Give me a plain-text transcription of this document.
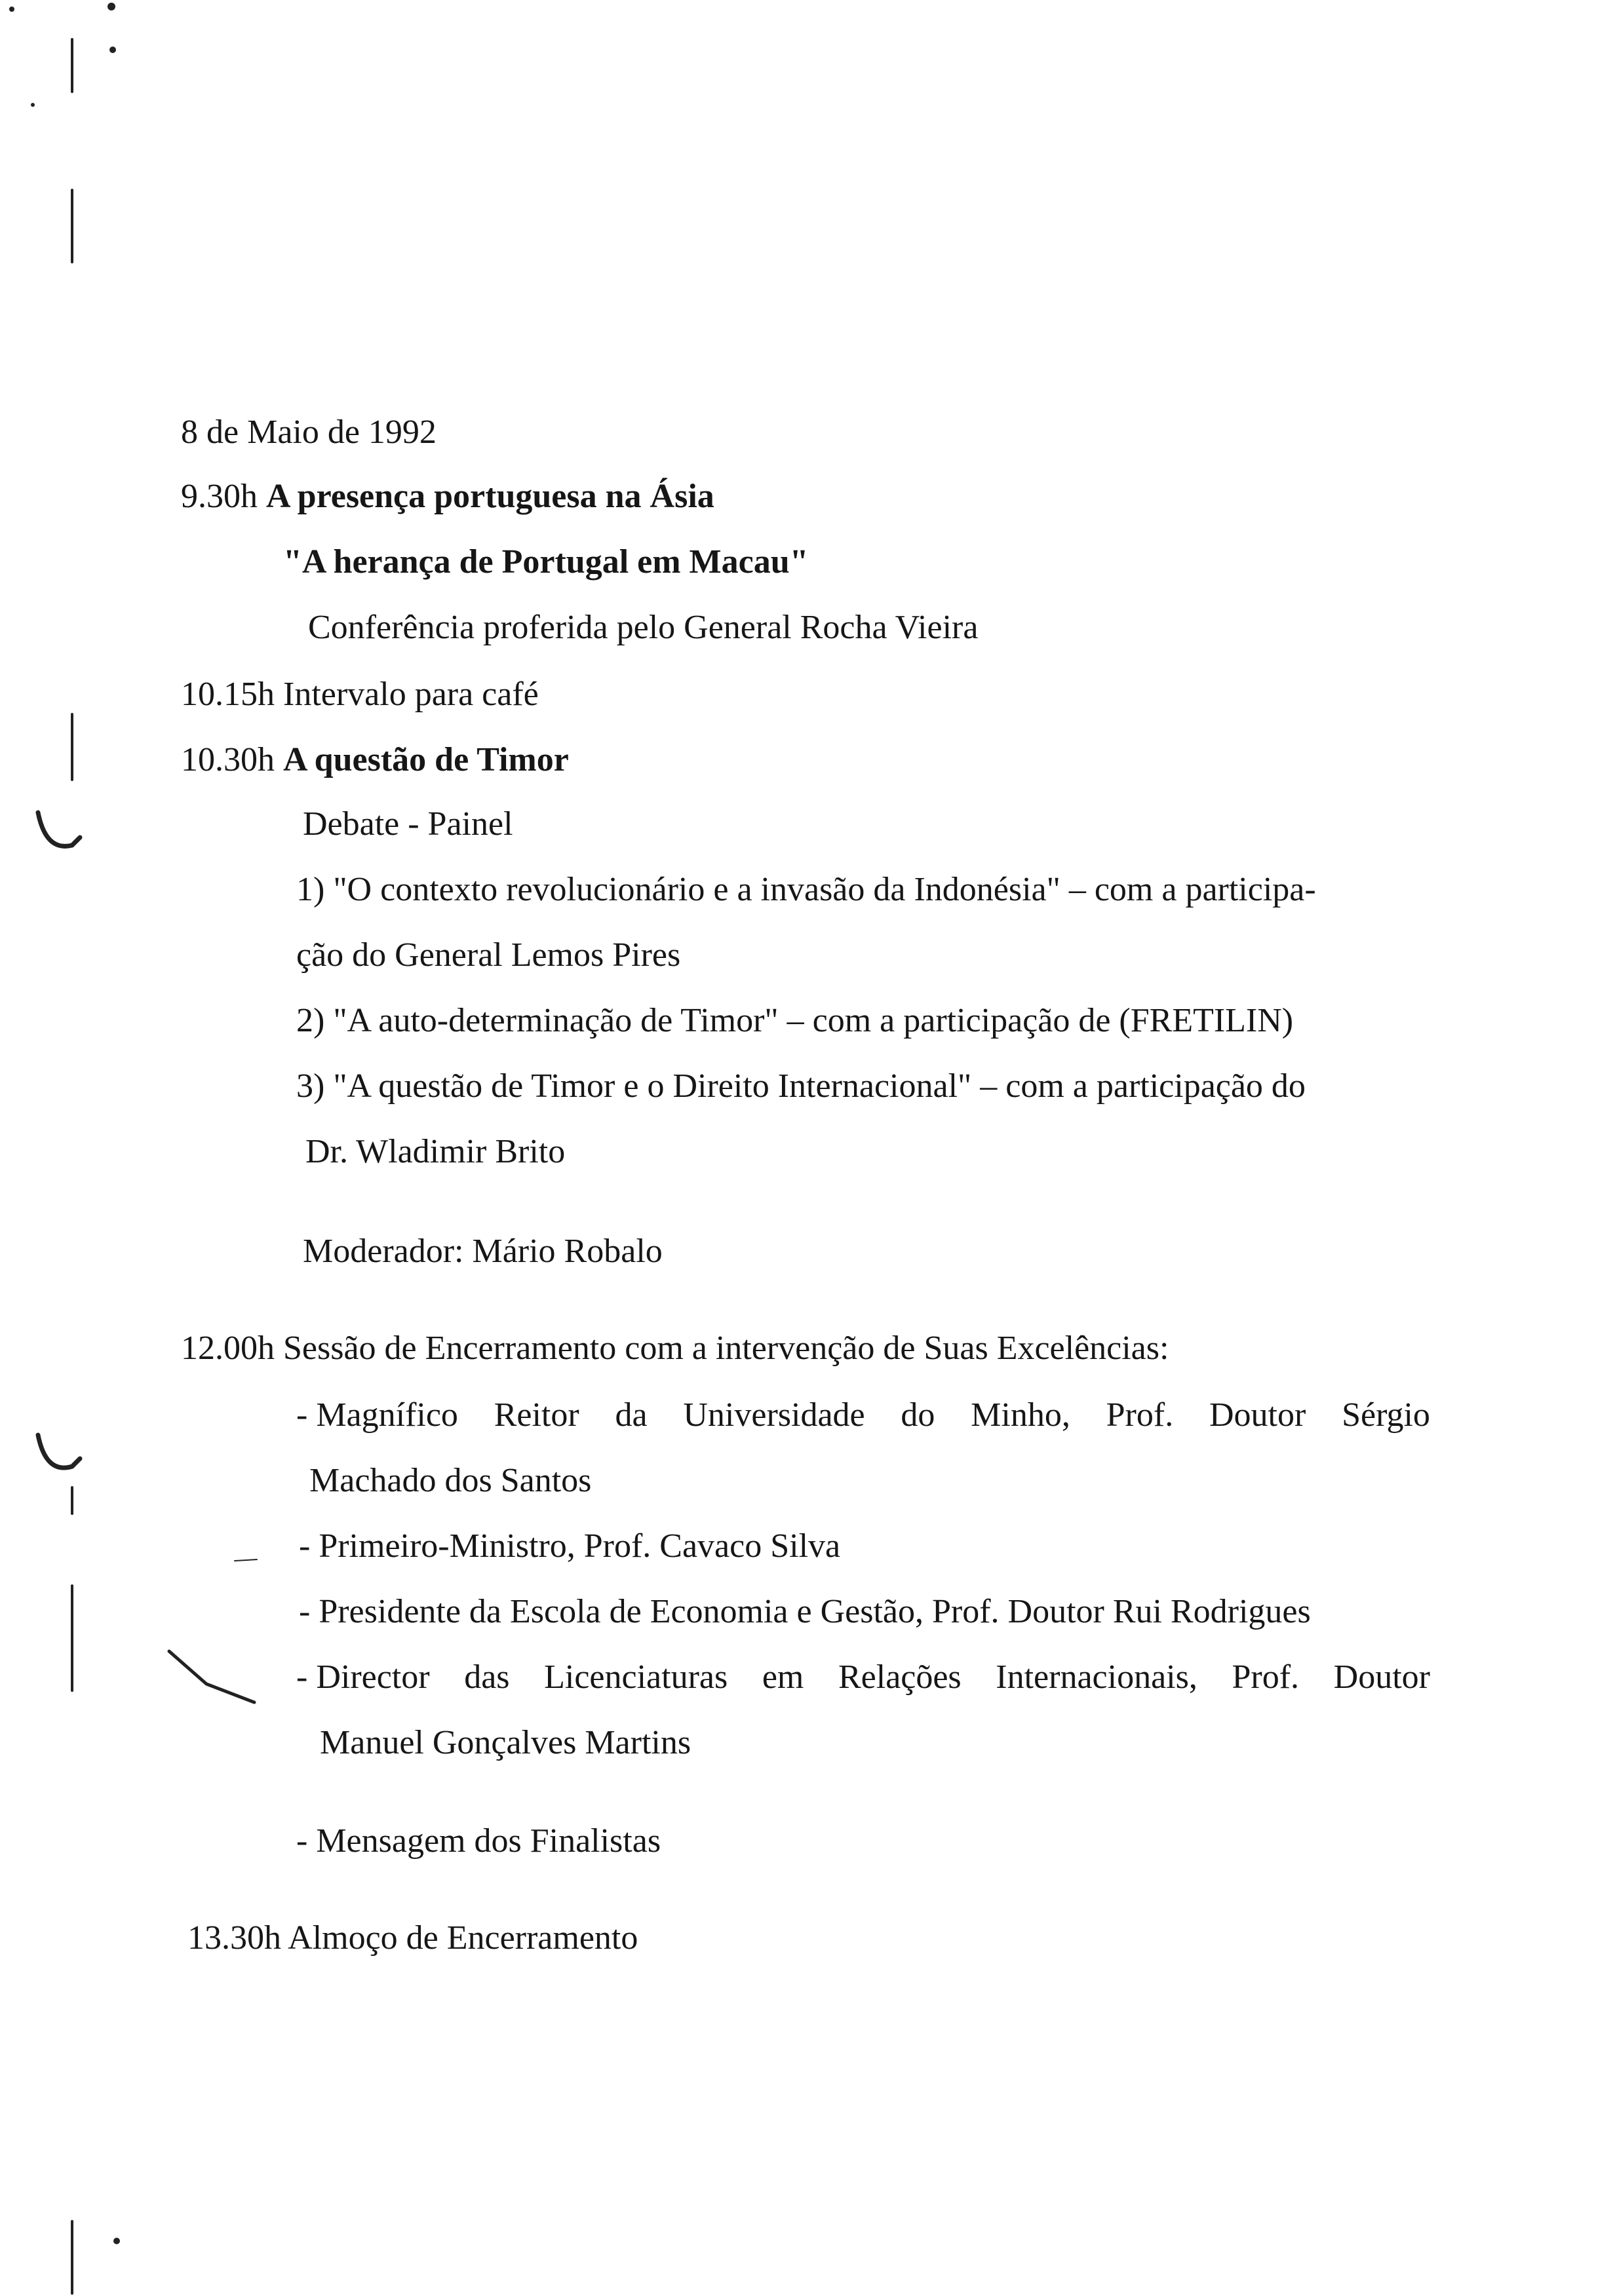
8 de Maio de 1992

9.30h A presença portuguesa na Ásia

"A herança de Portugal em Macau"

Conferência proferida pelo General Rocha Vieira

10.15h Intervalo para café

10.30h A questão de Timor

Debate - Painel

1) "O contexto revolucionário e a invasão da Indonésia" – com a participa-

ção do General Lemos Pires

2) "A auto-determinação de Timor" – com a participação de (FRETILIN)

3) "A questão de Timor e o Direito Internacional" – com a participação do

Dr. Wladimir Brito

Moderador: Mário Robalo

12.00h Sessão de Encerramento com a intervenção de Suas Excelências:

- Magnífico Reitor da Universidade do Minho, Prof. Doutor Sérgio

Machado dos Santos

- Primeiro-Ministro, Prof. Cavaco Silva

- Presidente da Escola de Economia e Gestão, Prof. Doutor Rui Rodrigues

- Director das Licenciaturas em Relações Internacionais, Prof. Doutor

Manuel Gonçalves Martins

- Mensagem dos Finalistas

13.30h Almoço de Encerramento
